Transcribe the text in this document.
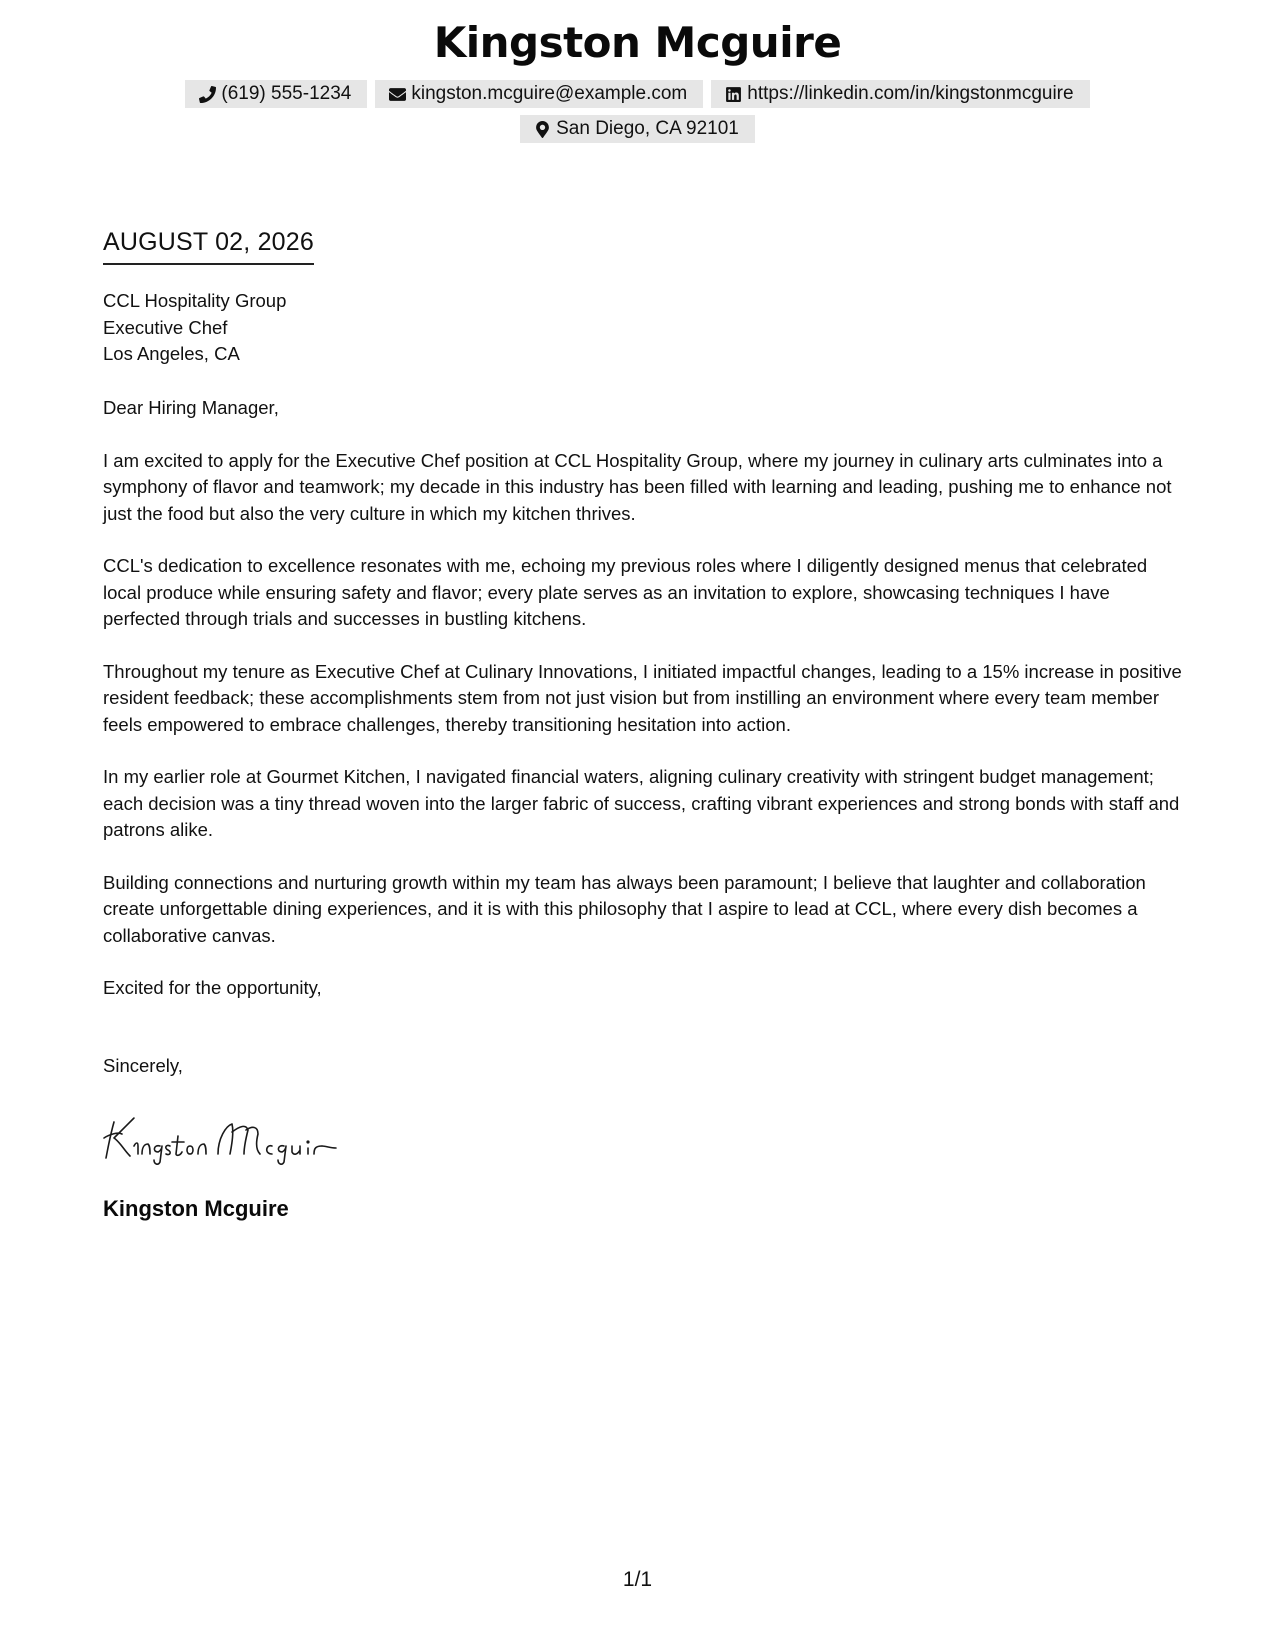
Kingston Mcguire
(619) 555-1234	kingston.mcguire@example.com	https://linkedin.com/in/kingstonmcguire
San Diego, CA 92101
AUGUST 02, 2026
CCL Hospitality Group
Executive Chef
Los Angeles, CA

Dear Hiring Manager,

I am excited to apply for the Executive Chef position at CCL Hospitality Group, where my journey in culinary arts culminates into a symphony of flavor and teamwork; my decade in this industry has been filled with learning and leading, pushing me to enhance not just the food but also the very culture in which my kitchen thrives.

CCL's dedication to excellence resonates with me, echoing my previous roles where I diligently designed menus that celebrated local produce while ensuring safety and flavor; every plate serves as an invitation to explore, showcasing techniques I have perfected through trials and successes in bustling kitchens.

Throughout my tenure as Executive Chef at Culinary Innovations, I initiated impactful changes, leading to a 15% increase in positive resident feedback; these accomplishments stem from not just vision but from instilling an environment where every team member feels empowered to embrace challenges, thereby transitioning hesitation into action.

In my earlier role at Gourmet Kitchen, I navigated financial waters, aligning culinary creativity with stringent budget management; each decision was a tiny thread woven into the larger fabric of success, crafting vibrant experiences and strong bonds with staff and patrons alike.

Building connections and nurturing growth within my team has always been paramount; I believe that laughter and collaboration create unforgettable dining experiences, and it is with this philosophy that I aspire to lead at CCL, where every dish becomes a collaborative canvas.

Excited for the opportunity,

Sincerely,
Kingston Mcguire
1/1
